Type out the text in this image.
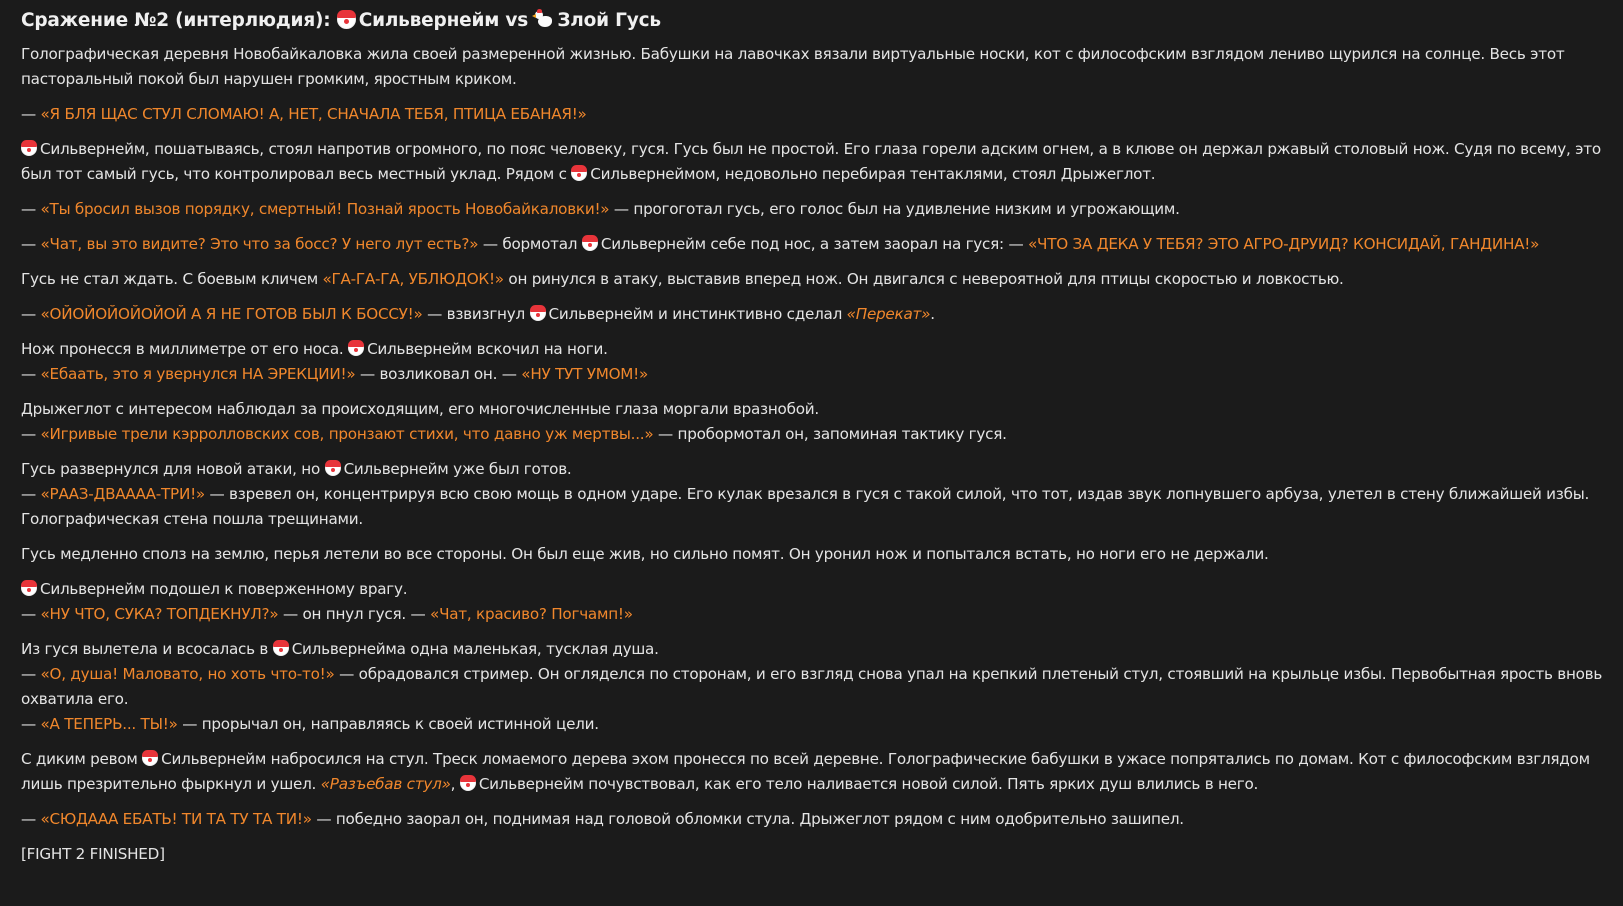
Сражение №2 (интерлюдия): Сильвернейм vs
Злой Гусь

Голографическая деревня Новобайкаловка жила своей размеренной жизнью. Бабушки на лавочках вязали виртуальные носки, кот с философским взглядом лениво щурился на солнце. Весь этот пасторальный покой был нарушен громким, яростным криком.

— «Я БЛЯ ЩАС СТУЛ СЛОМАЮ! А, НЕТ, СНАЧАЛА ТЕБЯ, ПТИЦА ЕБАНАЯ!»

Сильвернейм, пошатываясь, стоял напротив огромного, по пояс человеку, гуся. Гусь был не простой. Его глаза горели адским огнем, а в клюве он держал ржавый столовый нож. Судя по всему, это был тот самый гусь, что контролировал весь местный уклад. Рядом с Сильвернеймом, недовольно перебирая тентаклями, стоял Дрыжеглот.

— «Ты бросил вызов порядку, смертный! Познай ярость Новобайкаловки!» — прогоготал гусь, его голос был на удивление низким и угрожающим.

— «Чат, вы это видите? Это что за босс? У него лут есть?» — бормотал Сильвернейм себе под нос, а затем заорал на гуся: — «ЧТО ЗА ДЕКА У ТЕБЯ? ЭТО АГРО-ДРУИД? КОНСИДАЙ, ГАНДИНА!»

Гусь не стал ждать. С боевым кличем «ГА-ГА-ГА, УБЛЮДОК!» он ринулся в атаку, выставив вперед нож. Он двигался с невероятной для птицы скоростью и ловкостью.

— «ОЙОЙОЙОЙОЙОЙ А Я НЕ ГОТОВ БЫЛ К БОССУ!» — взвизгнул Сильвернейм и инстинктивно сделал «Перекат».

Нож пронесся в миллиметре от его носа. Сильвернейм вскочил на ноги.
— «Ебаать, это я увернулся НА ЭРЕКЦИИ!» — возликовал он. — «НУ ТУТ УМОМ!»

Дрыжеглот с интересом наблюдал за происходящим, его многочисленные глаза моргали вразнобой.
— «Игривые трели кэрролловских сов, пронзают стихи, что давно уж мертвы...» — пробормотал он, запоминая тактику гуся.

Гусь развернулся для новой атаки, но Сильвернейм уже был готов.
— «РААЗ-ДВАААА-ТРИ!» — взревел он, концентрируя всю свою мощь в одном ударе. Его кулак врезался в гуся с такой силой, что тот, издав звук лопнувшего арбуза, улетел в стену ближайшей избы. Голографическая стена пошла трещинами.

Гусь медленно сполз на землю, перья летели во все стороны. Он был еще жив, но сильно помят. Он уронил нож и попытался встать, но ноги его не держали.

Сильвернейм подошел к поверженному врагу.
— «НУ ЧТО, СУКА? ТОПДЕКНУЛ?» — он пнул гуся. — «Чат, красиво? Погчамп!»

Из гуся вылетела и всосалась в Сильвернейма одна маленькая, тусклая душа.
— «О, душа! Маловато, но хоть что-то!» — обрадовался стример. Он огляделся по сторонам, и его взгляд снова упал на крепкий плетеный стул, стоявший на крыльце избы. Первобытная ярость вновь охватила его.
— «А ТЕПЕРЬ... ТЫ!» — прорычал он, направляясь к своей истинной цели.

С диким ревом Сильвернейм набросился на стул. Треск ломаемого дерева эхом пронесся по всей деревне. Голографические бабушки в ужасе попрятались по домам. Кот с философским взглядом лишь презрительно фыркнул и ушел. «Разъебав стул», Сильвернейм почувствовал, как его тело наливается новой силой. Пять ярких душ влились в него.

— «СЮДААА ЕБАТЬ! ТИ ТА ТУ ТА ТИ!» — победно заорал он, поднимая над головой обломки стула. Дрыжеглот рядом с ним одобрительно зашипел.

[FIGHT 2 FINISHED]
